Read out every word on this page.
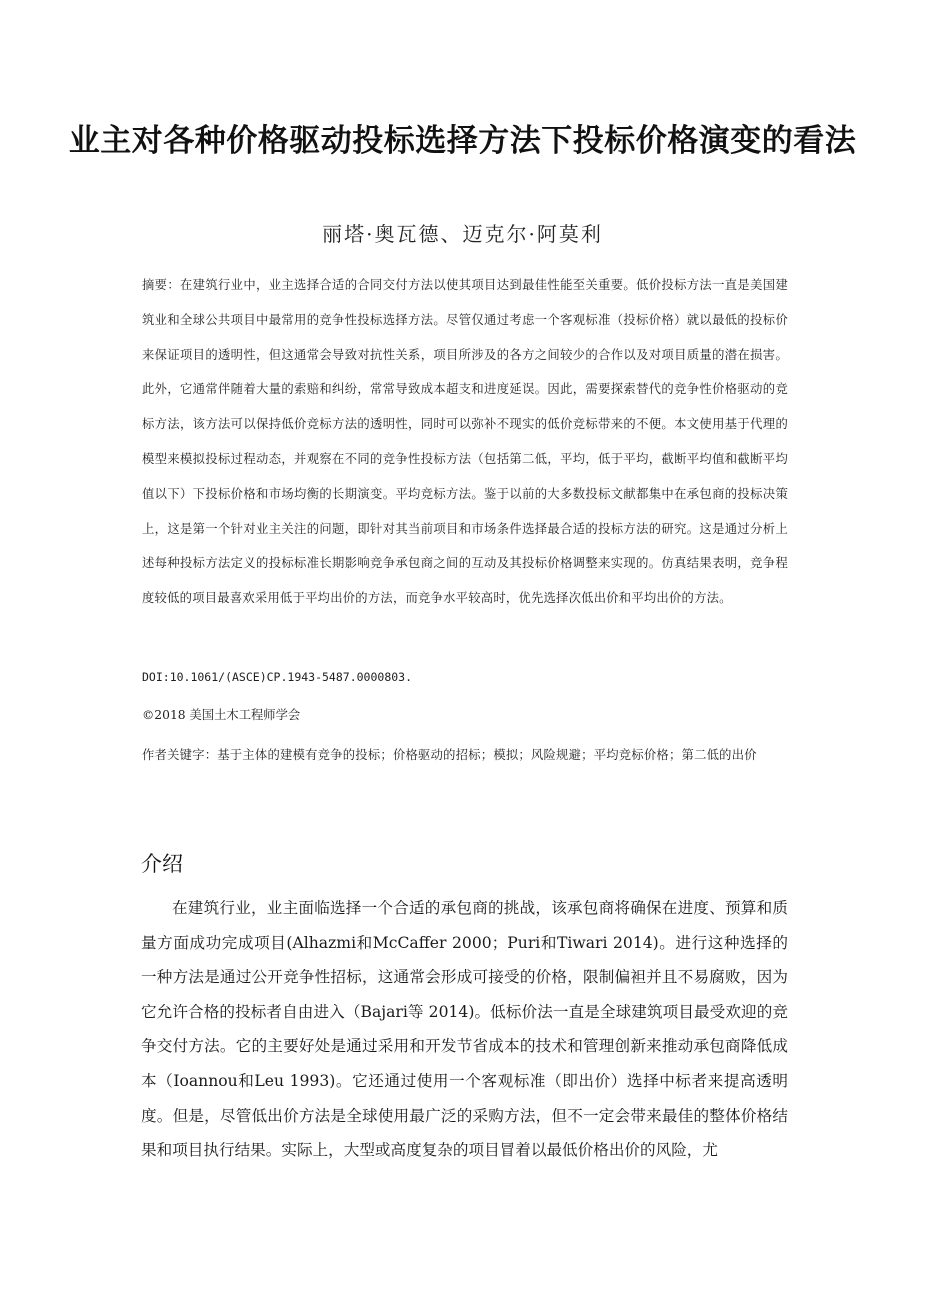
业主对各种价格驱动投标选择方法下投标价格演变的看法

丽塔·奥瓦德、迈克尔·阿莫利

摘要：在建筑行业中，业主选择合适的合同交付方法以使其项目达到最佳性能至关重要。低价投标方法一直是美国建筑业和全球公共项目中最常用的竞争性投标选择方法。尽管仅通过考虑一个客观标准（投标价格）就以最低的投标价来保证项目的透明性，但这通常会导致对抗性关系，项目所涉及的各方之间较少的合作以及对项目质量的潜在损害。此外，它通常伴随着大量的索赔和纠纷，常常导致成本超支和进度延误。因此，需要探索替代的竞争性价格驱动的竞标方法，该方法可以保持低价竞标方法的透明性，同时可以弥补不现实的低价竞标带来的不便。本文使用基于代理的模型来模拟投标过程动态，并观察在不同的竞争性投标方法（包括第二低，平均，低于平均，截断平均值和截断平均值以下）下投标价格和市场均衡的长期演变。平均竞标方法。鉴于以前的大多数投标文献都集中在承包商的投标决策上，这是第一个针对业主关注的问题，即针对其当前项目和市场条件选择最合适的投标方法的研究。这是通过分析上述每种投标方法定义的投标标准长期影响竞争承包商之间的互动及其投标价格调整来实现的。仿真结果表明，竞争程度较低的项目最喜欢采用低于平均出价的方法，而竞争水平较高时，优先选择次低出价和平均出价的方法。

DOI:10.1061/(ASCE)CP.1943-5487.0000803.

©2018 美国土木工程师学会

作者关键字：基于主体的建模有竞争的投标；价格驱动的招标；模拟；风险规避；平均竞标价格；第二低的出价

介绍

在建筑行业，业主面临选择一个合适的承包商的挑战，该承包商将确保在进度、预算和质量方面成功完成项目(Alhazmi和McCaffer 2000；Puri和Tiwari 2014)。进行这种选择的一种方法是通过公开竞争性招标，这通常会形成可接受的价格，限制偏袒并且不易腐败，因为它允许合格的投标者自由进入（Bajari等 2014)。低标价法一直是全球建筑项目最受欢迎的竞争交付方法。它的主要好处是通过采用和开发节省成本的技术和管理创新来推动承包商降低成本（Ioannou和Leu 1993)。它还通过使用一个客观标准（即出价）选择中标者来提高透明度。但是，尽管低出价方法是全球使用最广泛的采购方法，但不一定会带来最佳的整体价格结果和项目执行结果。实际上，大型或高度复杂的项目冒着以最低价格出价的风险，尤
